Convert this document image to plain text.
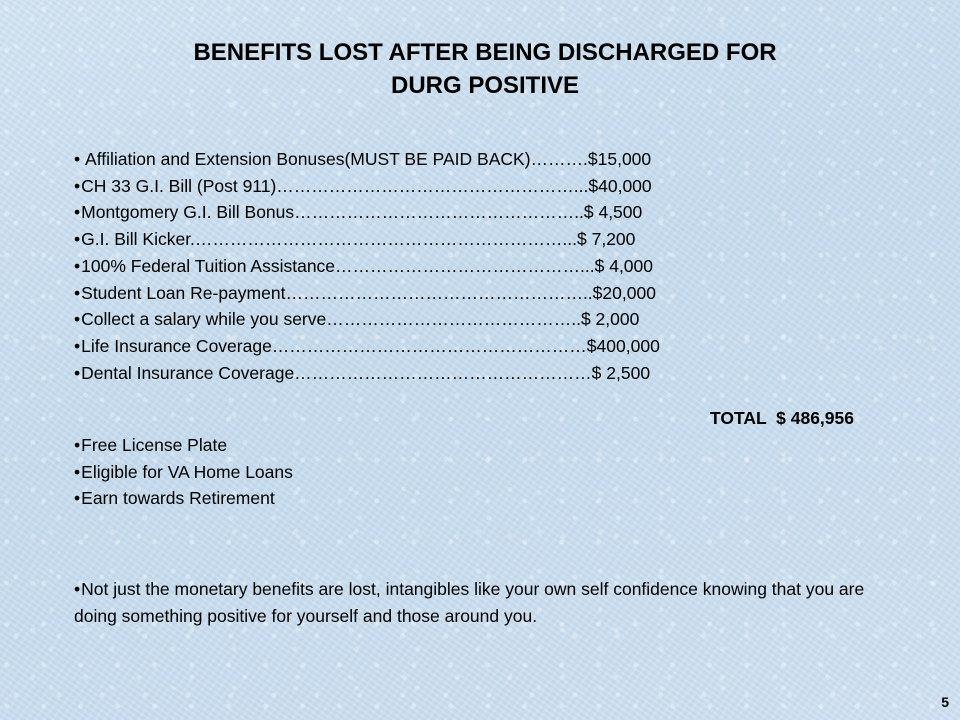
BENEFITS LOST AFTER BEING DISCHARGED FOR
DURG POSITIVE
• Affiliation and Extension Bonuses(MUST BE PAID BACK)……….$15,000
•CH 33 G.I. Bill (Post 911)……………………………………………...$40,000
•Montgomery G.I. Bill Bonus…………………………………………..$ 4,500
•G.I. Bill Kicker.………………………………………………………...$ 7,200
•100% Federal Tuition Assistance……………………………………...$ 4,000
•Student Loan Re-payment……………………………………………..$20,000
•Collect a salary while you serve……………………………………..$ 2,000
•Life Insurance Coverage………………………………………………$400,000
•Dental Insurance Coverage……………………………………………$ 2,500
TOTAL  $ 486,956
•Free License Plate
•Eligible for VA Home Loans
•Earn towards Retirement

•Not just the monetary benefits are lost, intangibles like your own self confidence knowing that you are doing something positive for yourself and those around you.

5
